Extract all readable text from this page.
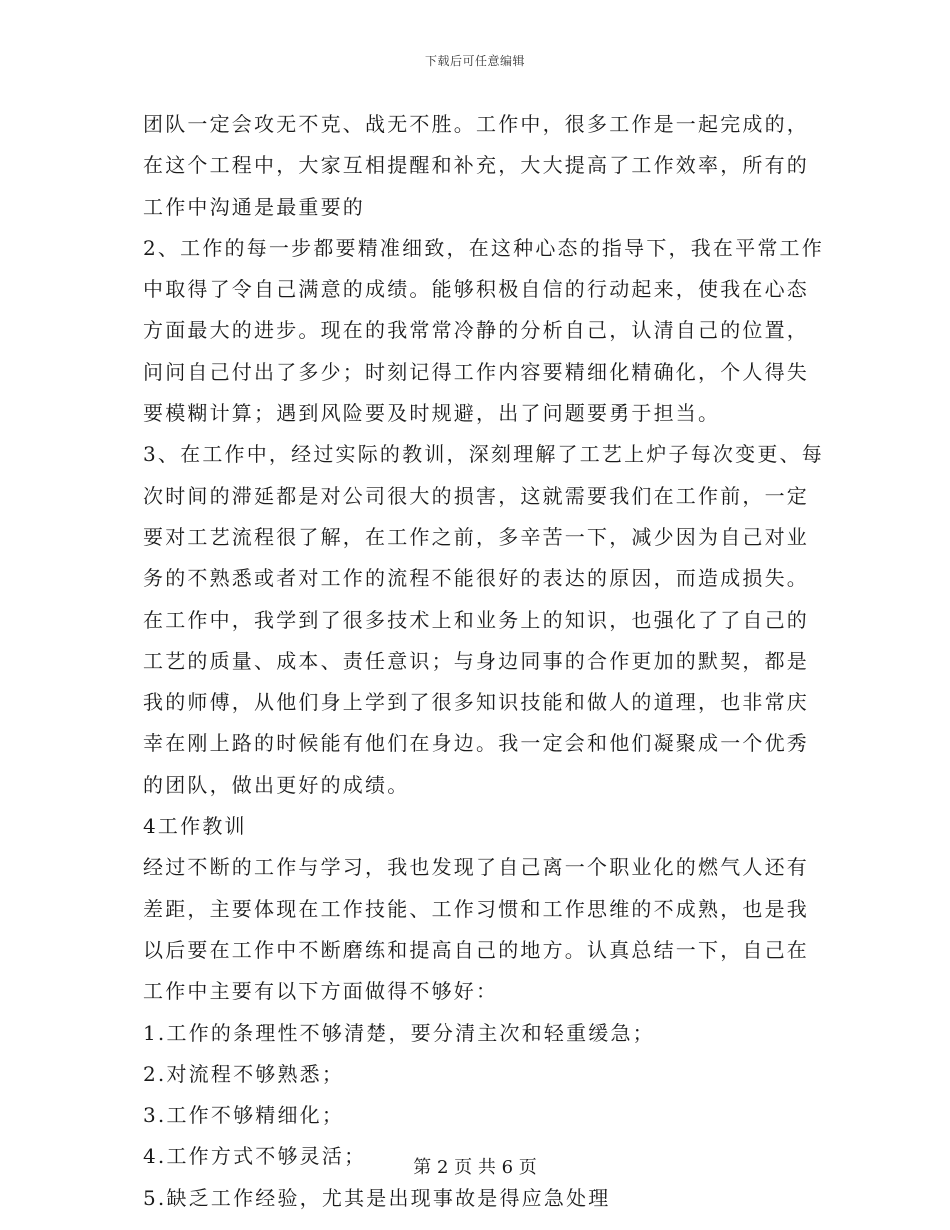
下载后可任意编辑
团队一定会攻无不克、战无不胜。工作中，很多工作是一起完成的，
在这个工程中，大家互相提醒和补充，大大提高了工作效率，所有的
工作中沟通是最重要的
2、工作的每一步都要精准细致，在这种心态的指导下，我在平常工作
中取得了令自己满意的成绩。能够积极自信的行动起来，使我在心态
方面最大的进步。现在的我常常冷静的分析自己，认清自己的位置，
问问自己付出了多少；时刻记得工作内容要精细化精确化，个人得失
要模糊计算；遇到风险要及时规避，出了问题要勇于担当。
3、在工作中，经过实际的教训，深刻理解了工艺上炉子每次变更、每
次时间的滞延都是对公司很大的损害，这就需要我们在工作前，一定
要对工艺流程很了解，在工作之前，多辛苦一下，减少因为自己对业
务的不熟悉或者对工作的流程不能很好的表达的原因，而造成损失。
在工作中，我学到了很多技术上和业务上的知识，也强化了了自己的
工艺的质量、成本、责任意识；与身边同事的合作更加的默契，都是
我的师傅，从他们身上学到了很多知识技能和做人的道理，也非常庆
幸在刚上路的时候能有他们在身边。我一定会和他们凝聚成一个优秀
的团队，做出更好的成绩。
4工作教训
经过不断的工作与学习，我也发现了自己离一个职业化的燃气人还有
差距，主要体现在工作技能、工作习惯和工作思维的不成熟，也是我
以后要在工作中不断磨练和提高自己的地方。认真总结一下，自己在
工作中主要有以下方面做得不够好：
1.工作的条理性不够清楚，要分清主次和轻重缓急；
2.对流程不够熟悉；
3.工作不够精细化；
4.工作方式不够灵活；
5.缺乏工作经验，尤其是出现事故是得应急处理
第 2 页 共 6 页
